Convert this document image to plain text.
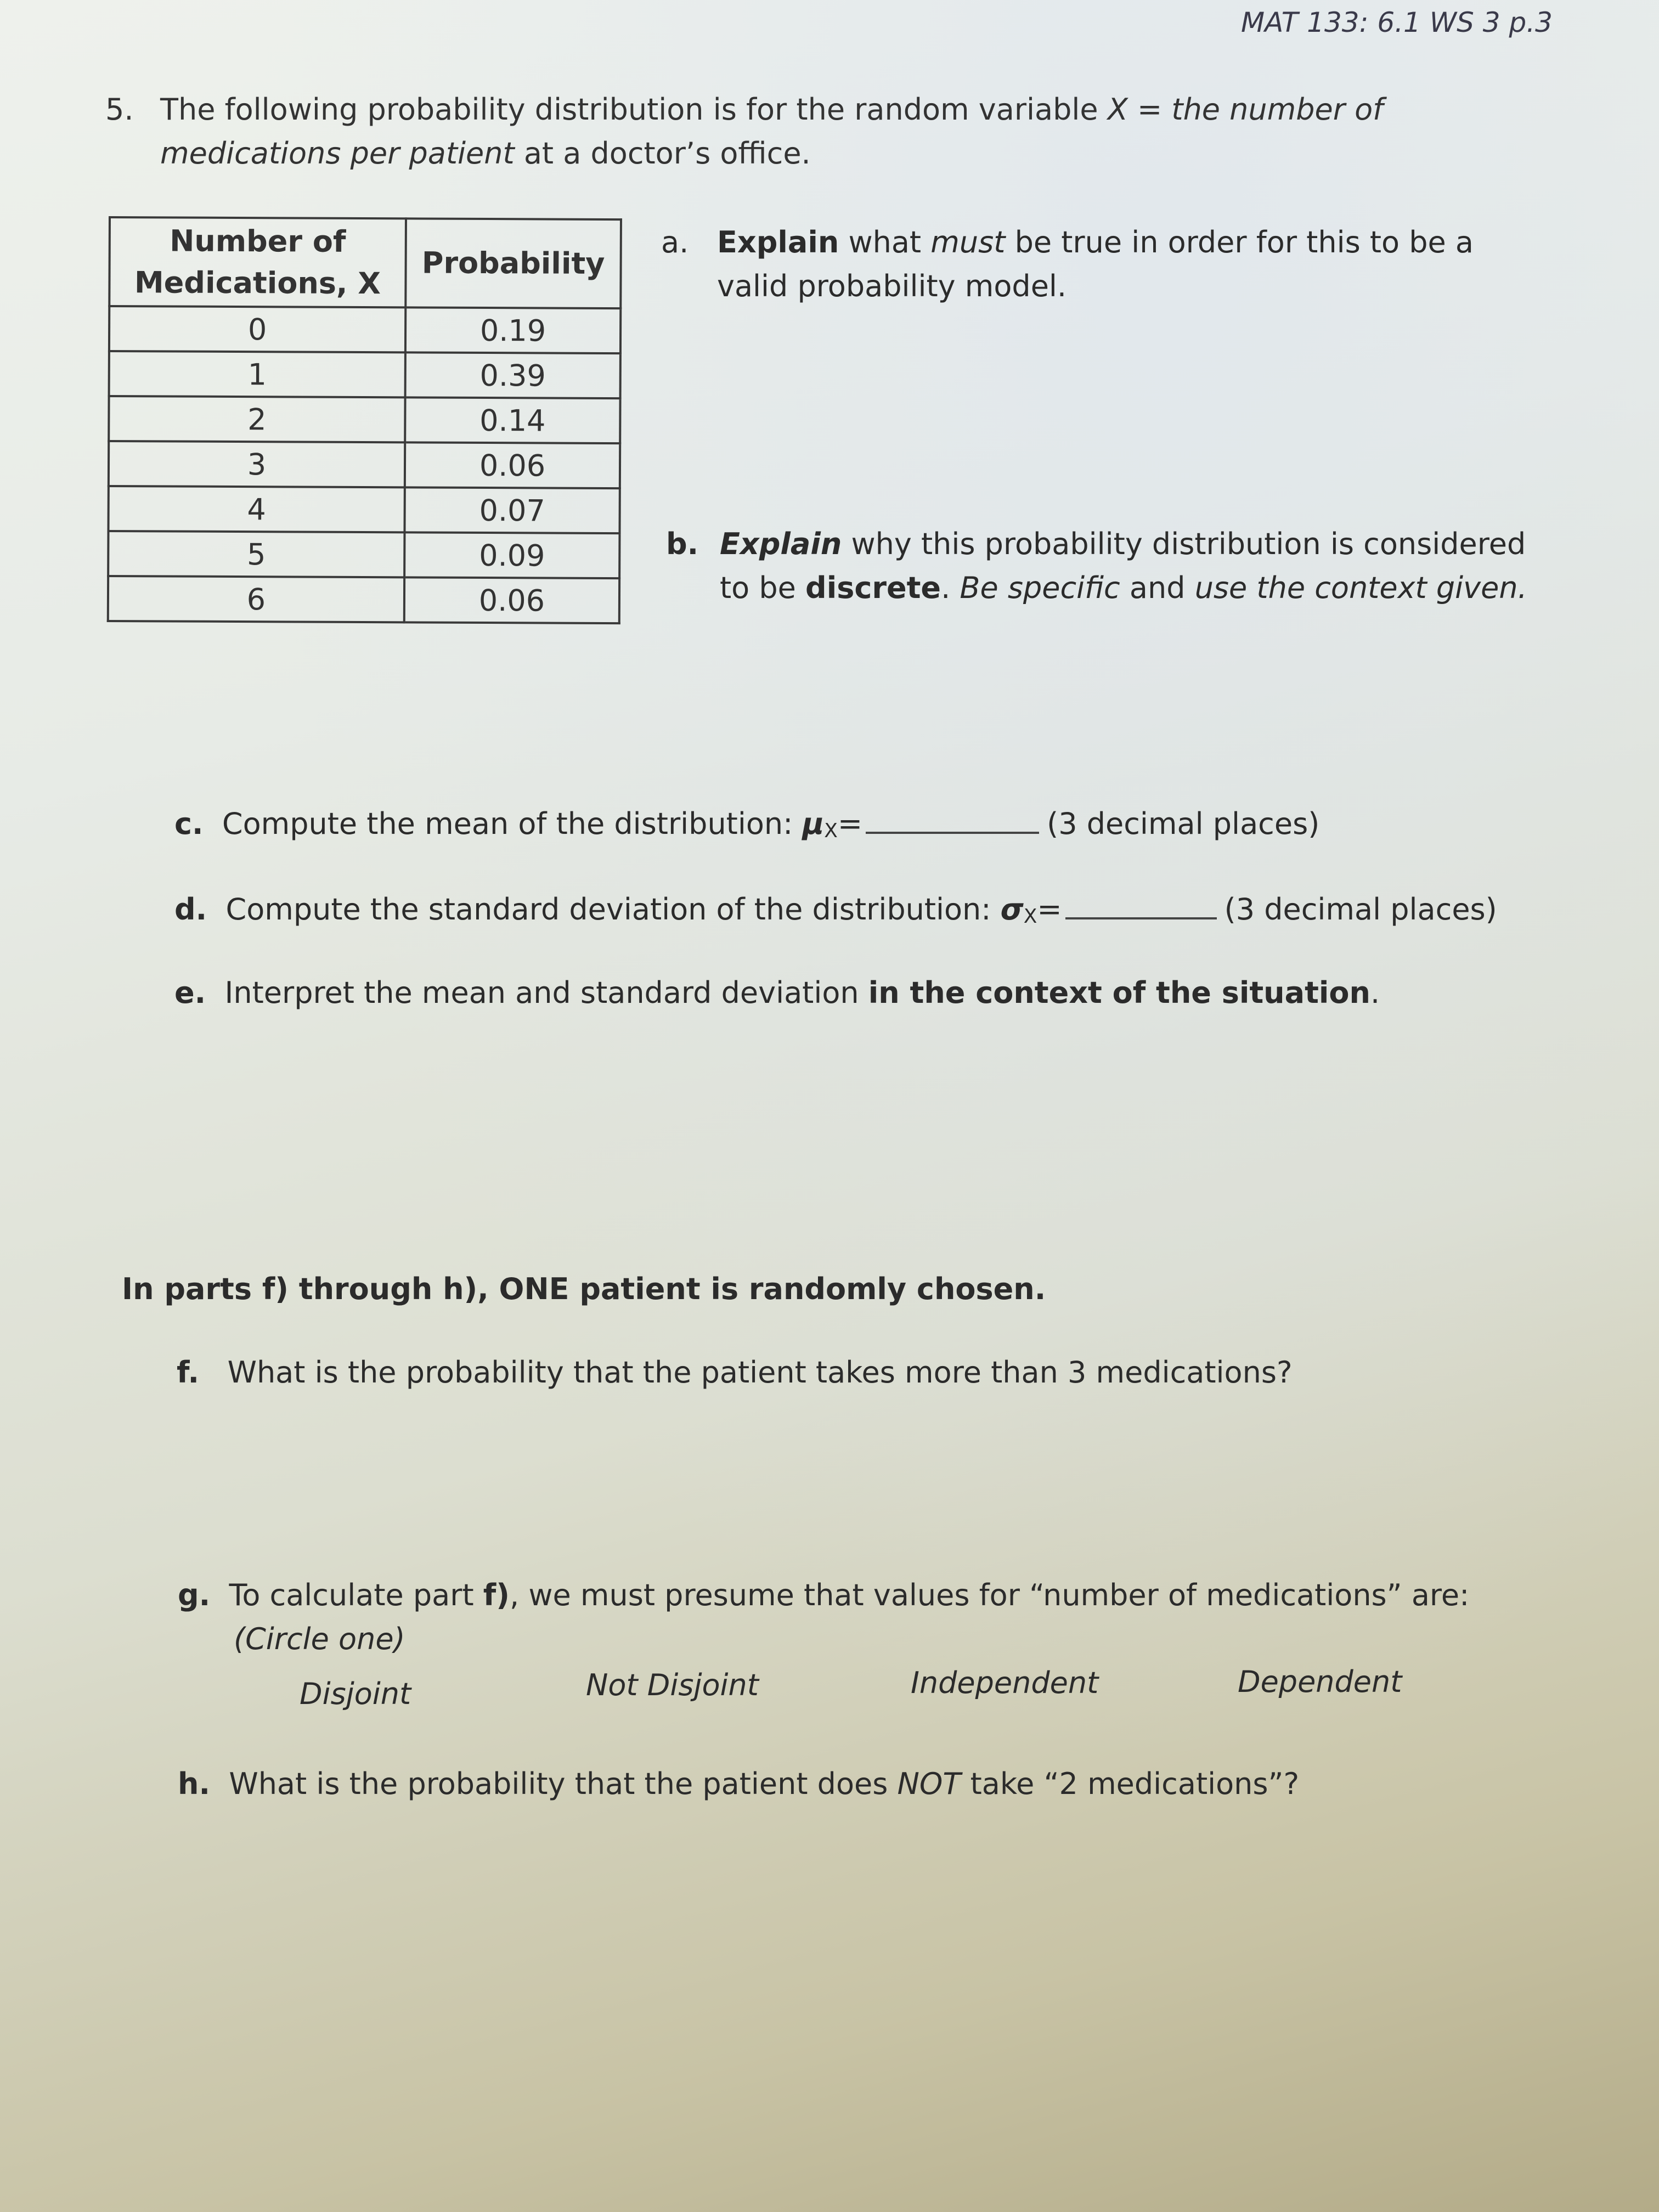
MAT 133: 6.1 WS 3 p.3
5. The following probability distribution is for the random variable X = the number of
medications per patient at a doctor’s office.
Number of
Medications, X	Probability
0	0.19
1	0.39
2	0.14
3	0.06
4	0.07
5	0.09
6	0.06
a. Explain what must be true in order for this to be a
valid probability model.
b. Explain why this probability distribution is considered
to be discrete. Be specific and use the context given.
c. Compute the mean of the distribution: μX=	(3 decimal places)
d. Compute the standard deviation of the distribution: σX=	(3 decimal places)
e. Interpret the mean and standard deviation in the context of the situation.
In parts f) through h), ONE patient is randomly chosen.
f. What is the probability that the patient takes more than 3 medications?
g. To calculate part f), we must presume that values for “number of medications” are:
(Circle one)
Disjoint	Not Disjoint	Independent	Dependent
h. What is the probability that the patient does NOT take “2 medications”?
